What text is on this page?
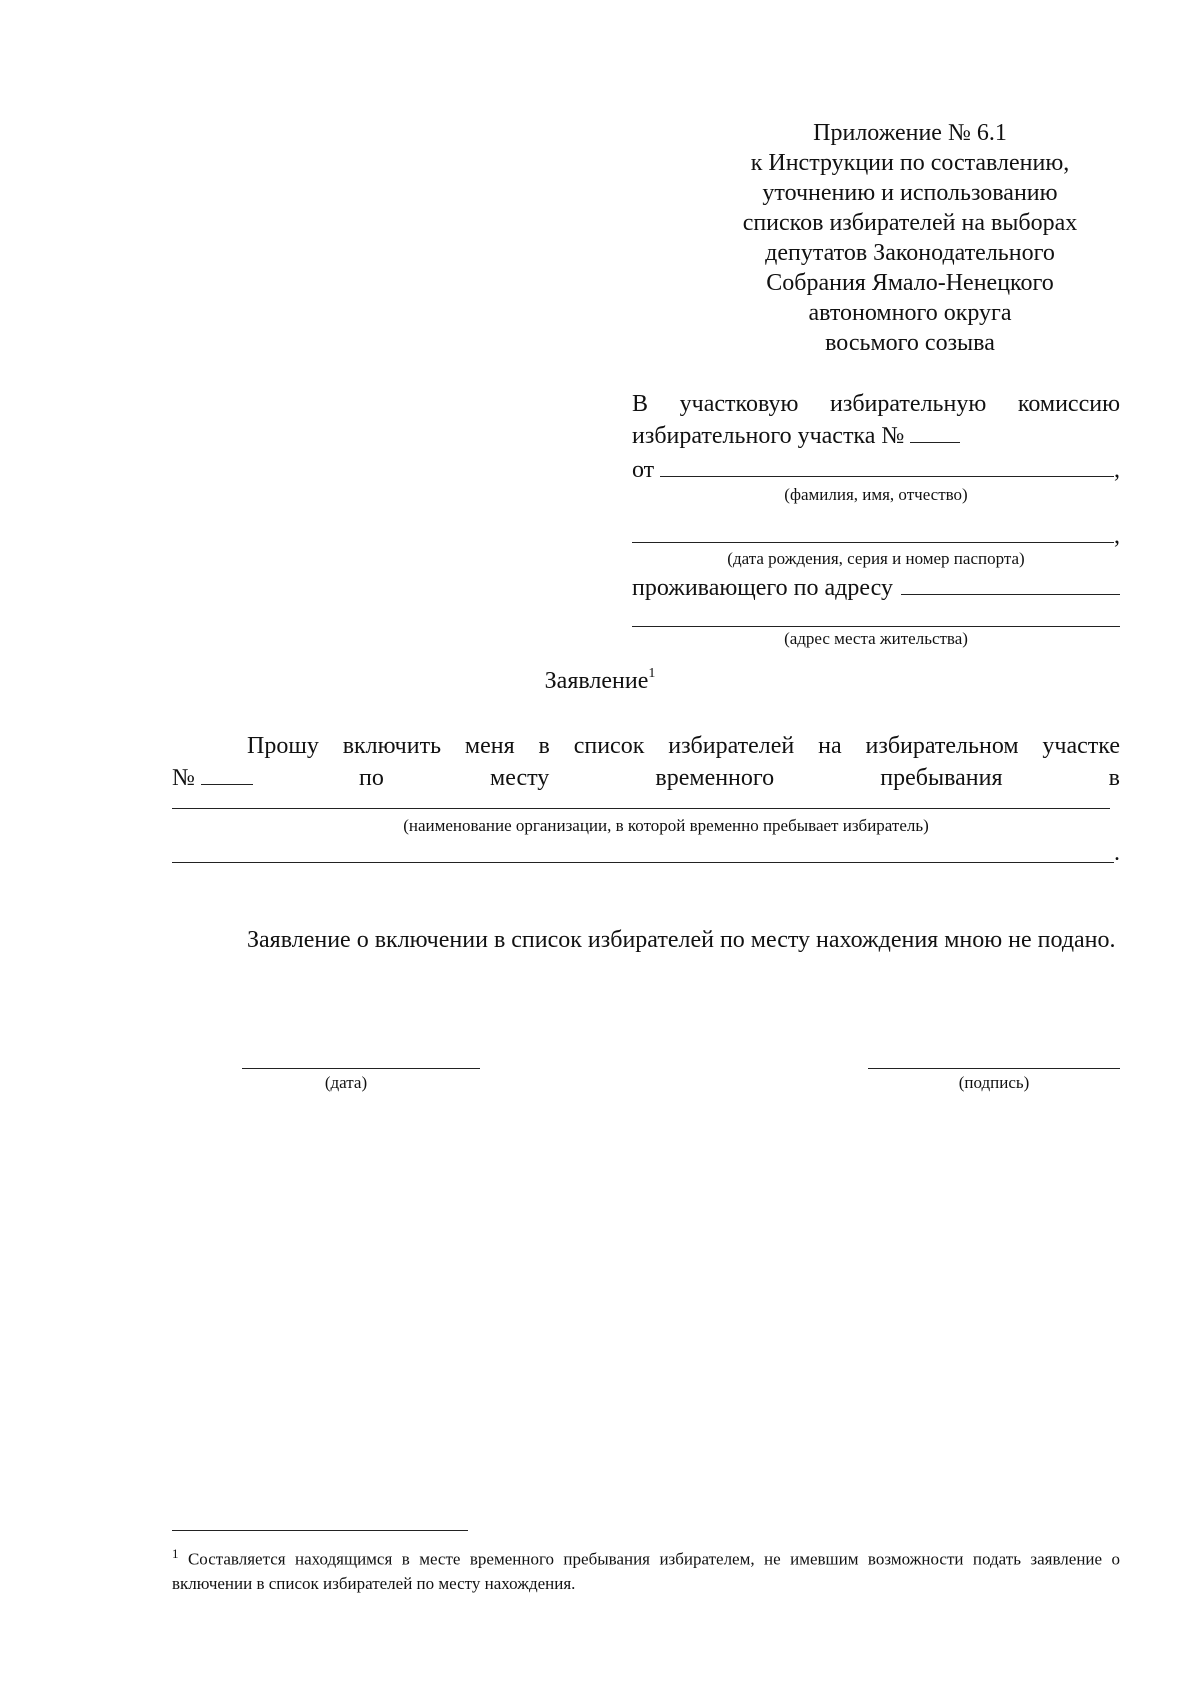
Приложение № 6.1
к Инструкции по составлению,
уточнению и использованию
списков избирателей на выборах
депутатов Законодательного
Собрания Ямало-Ненецкого
автономного округа
восьмого созыва
В участковую избирательную комиссию
избирательного участка №
от	,
(фамилия, имя, отчество)
,
(дата рождения, серия и номер паспорта)
проживающего по адресу
(адрес места жительства)
Заявление$^1$
Прошу включить меня в список избирателей на избирательном участке
№	по	месту	временного	пребывания	в
(наименование организации, в которой временно пребывает избиратель)
.
Заявление о включении в список избирателей по месту нахождения мною не подано.
(дата)	(подпись)
$^1$ Составляется находящимся в месте временного пребывания избирателем, не имевшим возможности подать заявление о включении в список избирателей по месту нахождения.
